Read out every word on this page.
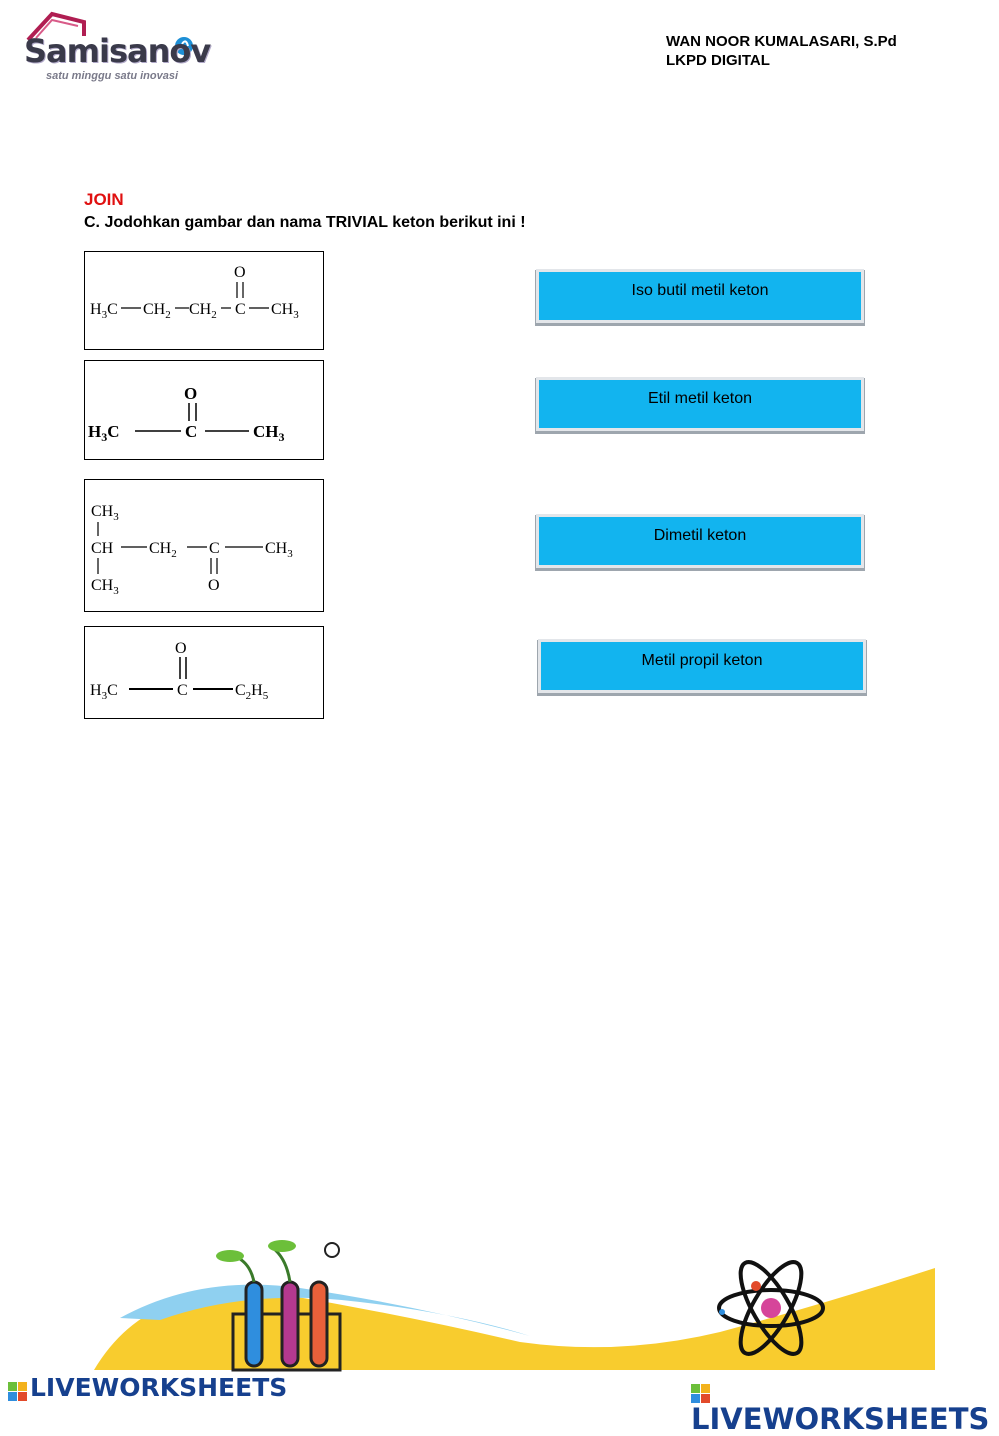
Samisanov
satu minggu satu inovasi
WAN NOOR KUMALASARI, S.Pd
LKPD DIGITAL
JOIN
C. Jodohkan gambar dan nama TRIVIAL keton berikut ini !
$H_3C$ $CH_2$ $CH_2$ C
O
$CH_3$
$H_3C$	C
O
$CH_3$
$CH_3$
CH $CH_2$ C	$CH_3$
O
$CH_3$
$H_3C$	C
O
$C_2H_5$
Iso butil metil keton
Etil metil keton
Dimetil keton
Metil propil keton
LIVEWORKSHEETS
LIVEWORKSHEETS
